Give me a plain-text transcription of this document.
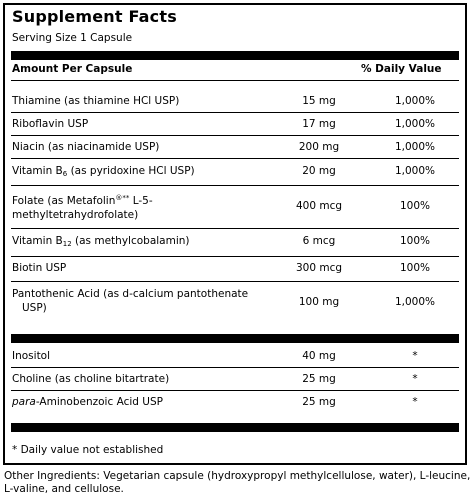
Supplement Facts
Serving Size 1 Capsule
Amount Per Capsule	% Daily Value
Thiamine (as thiamine HCl USP)	15 mg	1,000%
Riboflavin USP	17 mg	1,000%
Niacin (as niacinamide USP)	200 mg	1,000%
Vitamin $B_6$ (as pyridoxine HCl USP)	20 mg	1,000%
Folate (as Metafolin®** L-5-
methyltetrahydrofolate)
400 mcg	100%
Vitamin $B_{12}$ (as methylcobalamin)	6 mcg	100%
Biotin USP	300 mcg	100%
Pantothenic Acid (as d-calcium pantothenate
USP)	100 mg	1,000%
Inositol	40 mg	*
Choline (as choline bitartrate)	25 mg	*
para-Aminobenzoic Acid USP	25 mg	*
* Daily value not established
Other Ingredients: Vegetarian capsule (hydroxypropyl methylcellulose, water), L-leucine, L-valine, and cellulose.
